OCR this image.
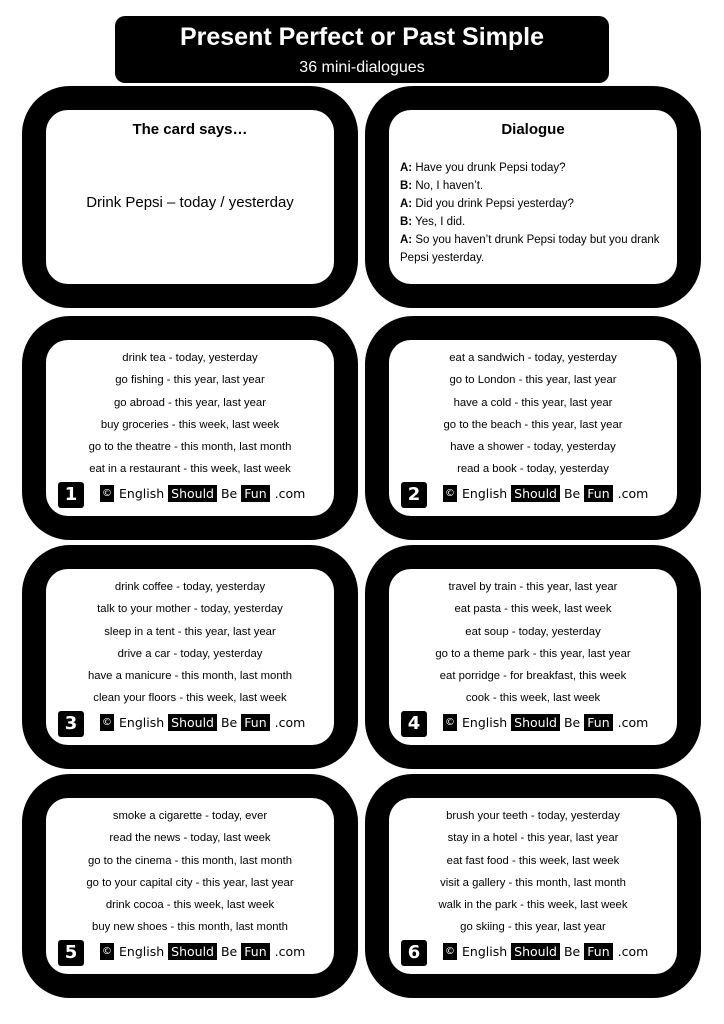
Present Perfect or Past Simple
36 mini-dialogues
The card says…
Drink Pepsi – today / yesterday
Dialogue
A: Have you drunk Pepsi today?
B: No, I haven’t.
A: Did you drink Pepsi yesterday?
B: Yes, I did.
A: So you haven’t drunk Pepsi today but you drank Pepsi yesterday.
drink tea - today, yesterday
go fishing - this year, last year
go abroad - this year, last year
buy groceries - this week, last week
go to the theatre - this month, last month
eat in a restaurant - this week, last week
1	© English Should Be Fun .com
eat a sandwich - today, yesterday
go to London - this year, last year
have a cold - this year, last year
go to the beach - this year, last year
have a shower - today, yesterday
read a book - today, yesterday
2	© English Should Be Fun .com
drink coffee - today, yesterday
talk to your mother - today, yesterday
sleep in a tent - this year, last year
drive a car - today, yesterday
have a manicure - this month, last month
clean your floors - this week, last week
3	© English Should Be Fun .com
travel by train - this year, last year
eat pasta - this week, last week
eat soup - today, yesterday
go to a theme park - this year, last year
eat porridge - for breakfast, this week
cook - this week, last week
4	© English Should Be Fun .com
smoke a cigarette - today, ever
read the news - today, last week
go to the cinema - this month, last month
go to your capital city - this year, last year
drink cocoa - this week, last week
buy new shoes - this month, last month
5	© English Should Be Fun .com
brush your teeth - today, yesterday
stay in a hotel - this year, last year
eat fast food - this week, last week
visit a gallery - this month, last month
walk in the park - this week, last week
go skiing - this year, last year
6	© English Should Be Fun .com
